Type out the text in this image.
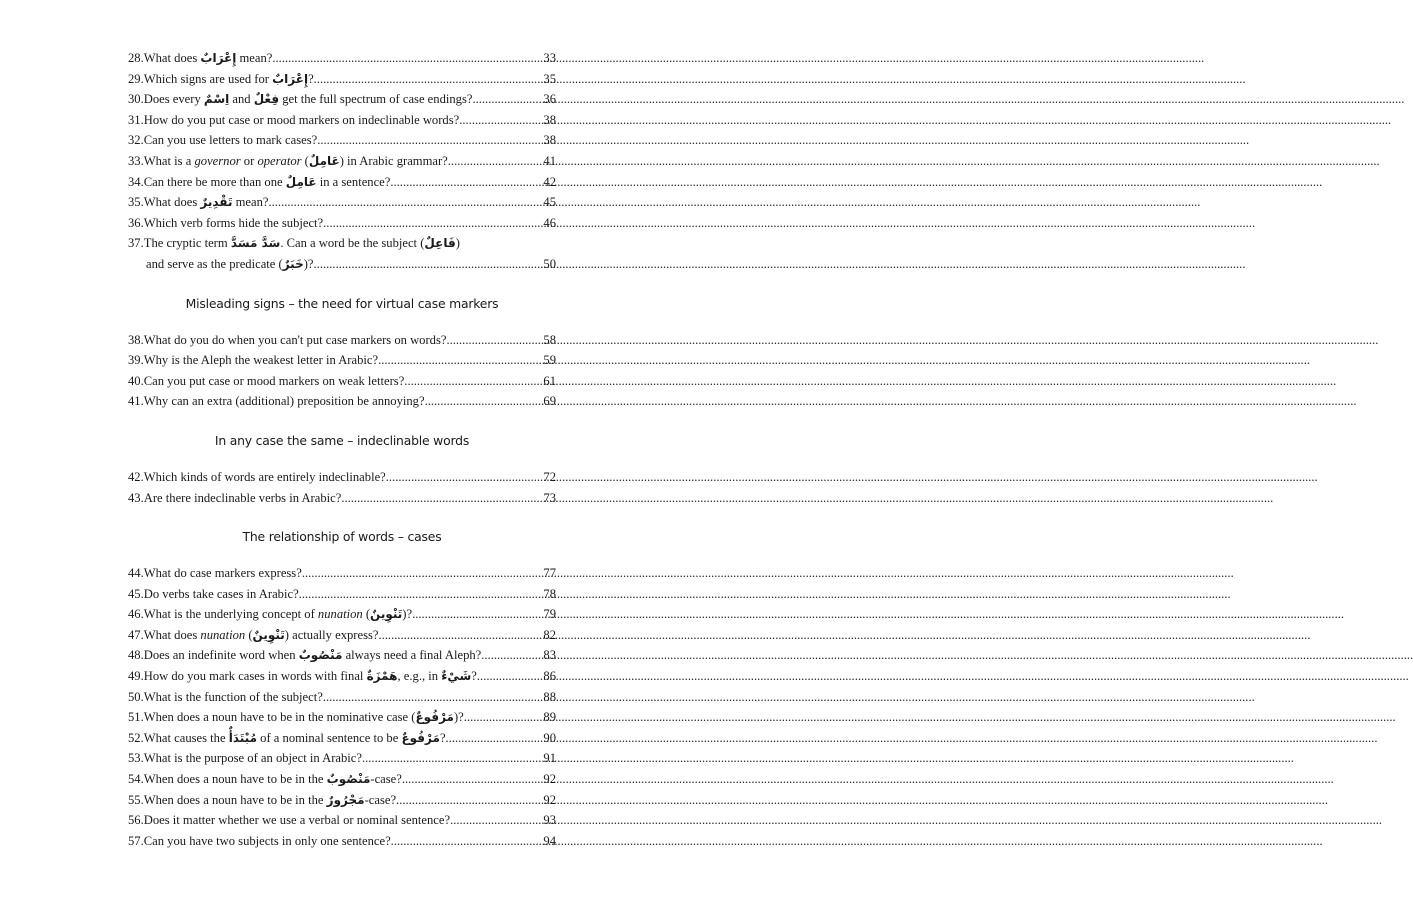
28. What does إِعْرَابٌ mean? .....	33
29. Which signs are used for إِعْرَابٌ? .....	35
30. Does every اِسْمٌ and فِعْلٌ get the full spectrum of case endings? .....	36
31. How do you put case or mood markers on indeclinable words? .....	38
32. Can you use letters to mark cases? .....	38
33. What is a governor or operator (عَامِلٌ) in Arabic grammar? .....	41
34. Can there be more than one عَامِلٌ in a sentence? .....	42
35. What does تَقْدِيرٌ mean? .....	45
36. Which verb forms hide the subject? .....	46
37. The cryptic term سَدَّ مَسَدَّ. Can a word be the subject (فَاعِلٌ)
and serve as the predicate (خَبَرٌ)? .....	50
Misleading signs – the need for virtual case markers
38. What do you do when you can't put case markers on words? .....	58
39. Why is the Aleph the weakest letter in Arabic? .....	59
40. Can you put case or mood markers on weak letters? .....	61
41. Why can an extra (additional) preposition be annoying? .....	69
In any case the same – indeclinable words
42. Which kinds of words are entirely indeclinable? .....	72
43. Are there indeclinable verbs in Arabic? .....	73
The relationship of words – cases
44. What do case markers express? .....	77
45. Do verbs take cases in Arabic? .....	78
46. What is the underlying concept of nunation (تَنْوِينٌ)? .....	79
47. What does nunation (تَنْوِينٌ) actually express? .....	82
48. Does an indefinite word when مَنْصُوبٌ always need a final Aleph? .....	83
49. How do you mark cases in words with final هَمْزَةٌ, e.g., in شَيْءٌ? .....	86
50. What is the function of the subject? .....	88
51. When does a noun have to be in the nominative case (مَرْفُوعٌ)? .....	89
52. What causes the مُبْتَدَأٌ of a nominal sentence to be مَرْفُوعٌ? .....	90
53. What is the purpose of an object in Arabic? .....	91
54. When does a noun have to be in the مَنْصُوبٌ-case? .....	92
55. When does a noun have to be in the مَجْرُورٌ-case? .....	92
56. Does it matter whether we use a verbal or nominal sentence? .....	93
57. Can you have two subjects in only one sentence? .....	94
